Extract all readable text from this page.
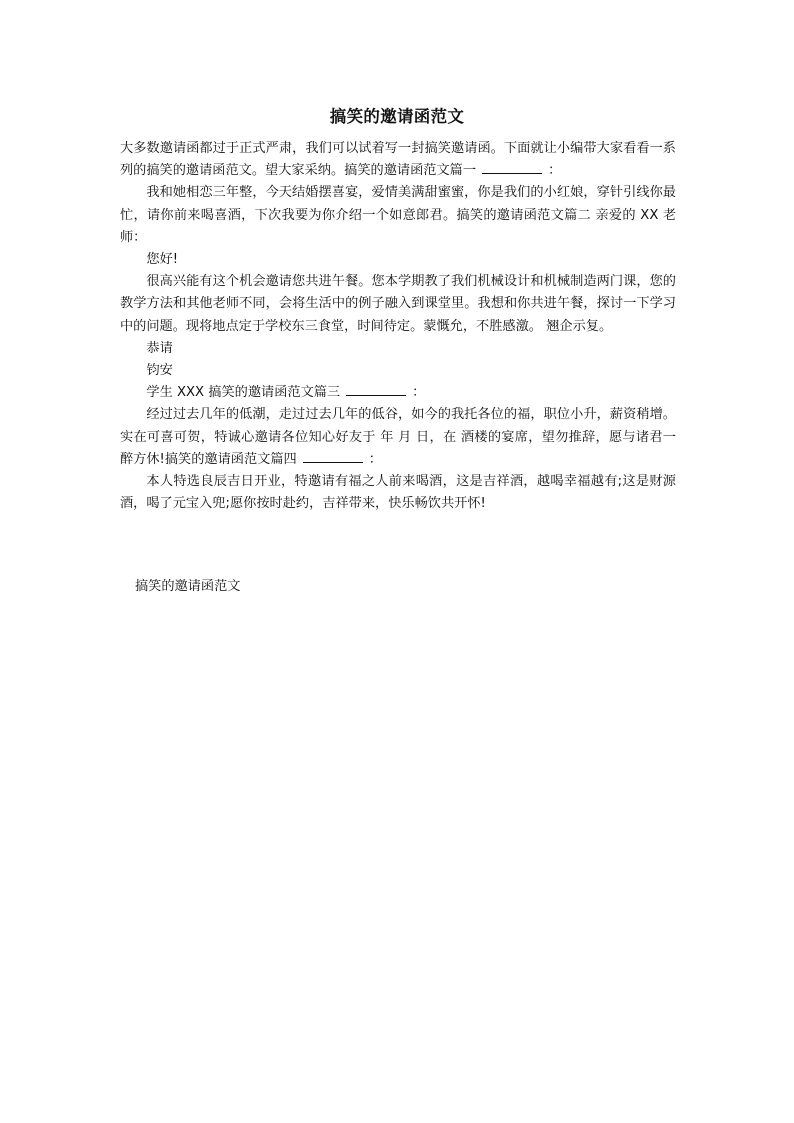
搞笑的邀请函范文

大多数邀请函都过于正式严肃，我们可以试着写一封搞笑邀请函。下面就让小编带大家看看一系列的搞笑的邀请函范文。望大家采纳。搞笑的邀请函范文篇一	：

我和她相恋三年整，今天结婚摆喜宴，爱情美满甜蜜蜜，你是我们的小红娘，穿针引线你最忙，请你前来喝喜酒，下次我要为你介绍一个如意郎君。搞笑的邀请函范文篇二 亲爱的 XX 老师：

您好!

很高兴能有这个机会邀请您共进午餐。您本学期教了我们机械设计和机械制造两门课，您的教学方法和其他老师不同，会将生活中的例子融入到课堂里。我想和你共进午餐，探讨一下学习中的问题。现将地点定于学校东三食堂，时间待定。蒙慨允，不胜感激。 翘企示复。

恭请

钧安

学生 XXX 搞笑的邀请函范文篇三	：

经过过去几年的低潮，走过过去几年的低谷，如今的我托各位的福，职位小升，薪资稍增。实在可喜可贺，特诚心邀请各位知心好友于 年 月 日，在 酒楼的宴席，望勿推辞，愿与诸君一醉方休!搞笑的邀请函范文篇四	：

本人特选良辰吉日开业，特邀请有福之人前来喝酒，这是吉祥酒，越喝幸福越有;这是财源酒，喝了元宝入兜;愿你按时赴约，吉祥带来，快乐畅饮共开怀!

搞笑的邀请函范文
